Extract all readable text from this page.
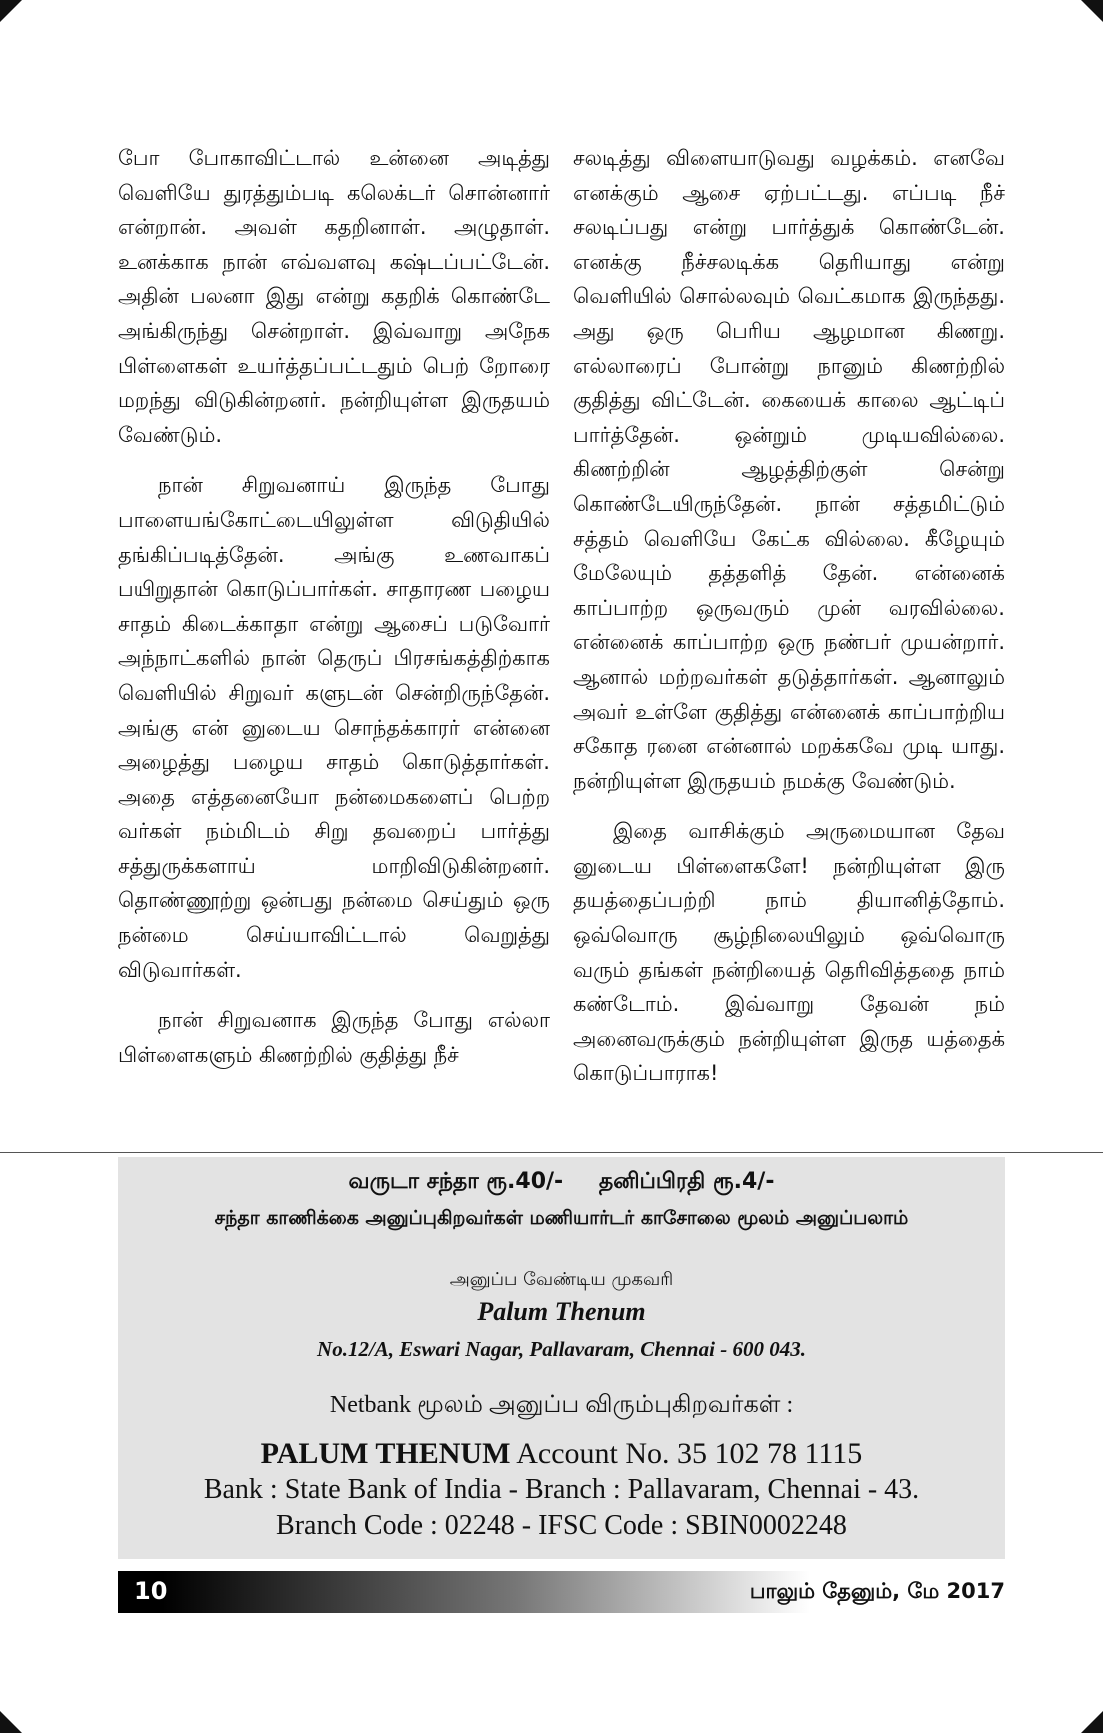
போ போகாவிட்டால் உன்னை அடித்து வெளியே துரத்தும்படி கலெக்டர் சொன்னார் என்றான். அவள் கதறினாள். அழுதாள். உனக்காக நான் எவ்வளவு கஷ்டப்பட்டேன். அதின் பலனா இது என்று கதறிக் கொண்டே அங்கிருந்து சென்றாள். இவ்வாறு அநேக பிள்ளைகள் உயர்த்தப்பட்டதும் பெற் றோரை மறந்து விடுகின்றனர். நன்றியுள்ள இருதயம் வேண்டும்.

நான் சிறுவனாய் இருந்த போது பாளையங்கோட்டையிலுள்ள விடுதியில் தங்கிப்படித்தேன். அங்கு உணவாகப் பயிறுதான் கொடுப்பார்கள். சாதாரண பழைய சாதம் கிடைக்காதா என்று ஆசைப் படுவோர் அந்நாட்களில் நான் தெருப் பிரசங்கத்திற்காக வெளியில் சிறுவர் களுடன் சென்றிருந்தேன். அங்கு என் னுடைய சொந்தக்காரர் என்னை அழைத்து பழைய சாதம் கொடுத்தார்கள். அதை எத்தனையோ நன்மைகளைப் பெற்ற வர்கள் நம்மிடம் சிறு தவறைப் பார்த்து சத்துருக்களாய் மாறிவிடுகின்றனர். தொண்ணூற்று ஒன்பது நன்மை செய்தும் ஒரு நன்மை செய்யாவிட்டால் வெறுத்து விடுவார்கள்.

நான் சிறுவனாக இருந்த போது எல்லா பிள்ளைகளும் கிணற்றில் குதித்து நீச்

சலடித்து விளையாடுவது வழக்கம். எனவே எனக்கும் ஆசை ஏற்பட்டது. எப்படி நீச் சலடிப்பது என்று பார்த்துக் கொண்டேன். எனக்கு நீச்சலடிக்க தெரியாது என்று வெளியில் சொல்லவும் வெட்கமாக இருந்தது. அது ஒரு பெரிய ஆழமான கிணறு. எல்லாரைப் போன்று நானும் கிணற்றில் குதித்து விட்டேன். கையைக் காலை ஆட்டிப் பார்த்தேன். ஒன்றும் முடியவில்லை. கிணற்றின் ஆழத்திற்குள் சென்று கொண்டேயிருந்தேன். நான் சத்தமிட்டும் சத்தம் வெளியே கேட்க வில்லை. கீழேயும் மேலேயும் தத்தளித் தேன். என்னைக் காப்பாற்ற ஒருவரும் முன் வரவில்லை. என்னைக் காப்பாற்ற ஒரு நண்பர் முயன்றார். ஆனால் மற்றவர்கள் தடுத்தார்கள். ஆனாலும் அவர் உள்ளே குதித்து என்னைக் காப்பாற்றிய சகோத ரனை என்னால் மறக்கவே முடி யாது. நன்றியுள்ள இருதயம் நமக்கு வேண்டும்.

இதை வாசிக்கும் அருமையான தேவ னுடைய பிள்ளைகளே! நன்றியுள்ள இரு தயத்தைப்பற்றி நாம் தியானித்தோம். ஒவ்வொரு சூழ்நிலையிலும் ஒவ்வொரு வரும் தங்கள் நன்றியைத் தெரிவித்ததை நாம் கண்டோம். இவ்வாறு தேவன் நம் அனைவருக்கும் நன்றியுள்ள இருத யத்தைக் கொடுப்பாராக!

வருடா சந்தா ரூ.40/- தனிப்பிரதி ரூ.4/-
சந்தா காணிக்கை அனுப்புகிறவர்கள் மணியார்டர் காசோலை மூலம் அனுப்பலாம்
அனுப்ப வேண்டிய முகவரி
Palum Thenum
No.12/A, Eswari Nagar, Pallavaram, Chennai - 600 043.
Netbank மூலம் அனுப்ப விரும்புகிறவர்கள் :
PALUM THENUM Account No. 35 102 78 1115
Bank : State Bank of India - Branch : Pallavaram, Chennai - 43.
Branch Code : 02248 - IFSC Code : SBIN0002248
10	பாலும் தேனும், மே 2017
